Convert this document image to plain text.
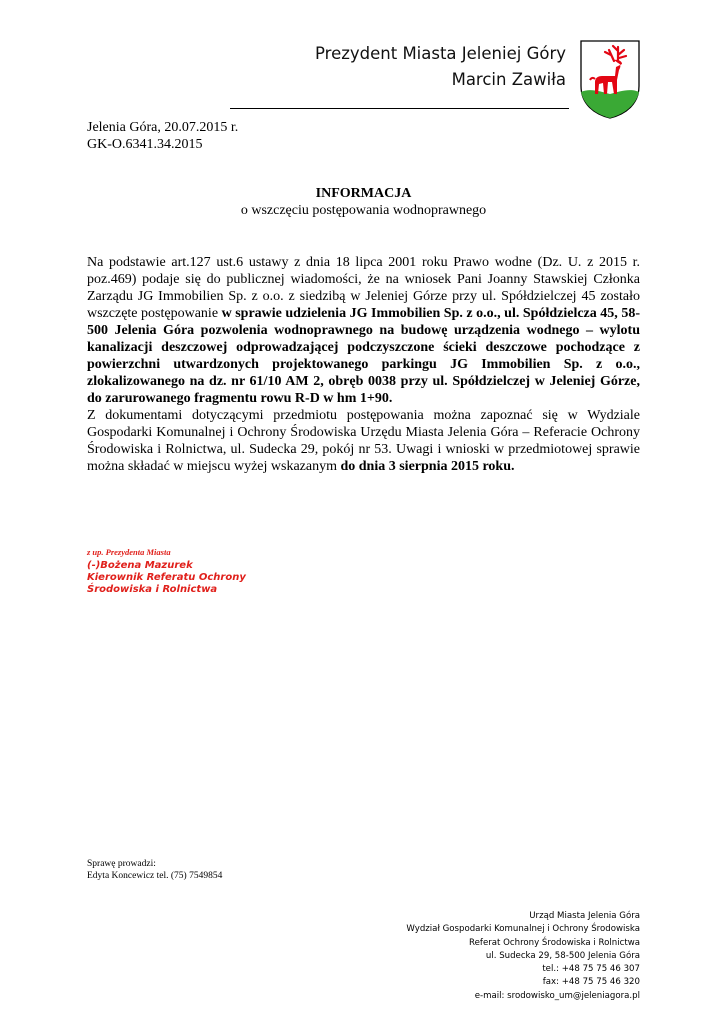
Prezydent Miasta Jeleniej Góry
Marcin Zawiła
Jelenia Góra, 20.07.2015 r.
GK-O.6341.34.2015
INFORMACJA
o wszczęciu postępowania wodnoprawnego

Na podstawie art.127 ust.6 ustawy z dnia 18 lipca 2001 roku Prawo wodne (Dz. U. z 2015 r. poz.469) podaje się do publicznej wiadomości, że na wniosek Pani Joanny Stawskiej Członka Zarządu JG Immobilien Sp. z o.o. z siedzibą w Jeleniej Górze przy ul. Spółdzielczej 45 zostało wszczęte postępowanie w sprawie udzielenia JG Immobilien Sp. z o.o., ul. Spółdzielcza 45, 58-500 Jelenia Góra pozwolenia wodnoprawnego na budowę urządzenia wodnego – wylotu kanalizacji deszczowej odprowadzającej podczyszczone ścieki deszczowe pochodzące z powierzchni utwardzonych projektowanego parkingu JG Immobilien Sp. z o.o., zlokalizowanego na dz. nr 61/10 AM 2, obręb 0038 przy ul. Spółdzielczej w Jeleniej Górze, do zarurowanego fragmentu rowu R-D w hm 1+90.

Z dokumentami dotyczącymi przedmiotu postępowania można zapoznać się w Wydziale Gospodarki Komunalnej i Ochrony Środowiska Urzędu Miasta Jelenia Góra – Referacie Ochrony Środowiska i Rolnictwa, ul. Sudecka 29, pokój nr 53. Uwagi i wnioski w przedmiotowej sprawie można składać w miejscu wyżej wskazanym do dnia 3 sierpnia 2015 roku.

z up. Prezydenta Miasta
(-)Bożena Mazurek
Kierownik Referatu Ochrony
Środowiska i Rolnictwa
Sprawę prowadzi:
Edyta Koncewicz tel. (75) 7549854
Urząd Miasta Jelenia Góra
Wydział Gospodarki Komunalnej i Ochrony Środowiska
Referat Ochrony Środowiska i Rolnictwa
ul. Sudecka 29, 58-500 Jelenia Góra
tel.: +48 75 75 46 307
fax: +48 75 75 46 320
e-mail: srodowisko_um@jeleniagora.pl
